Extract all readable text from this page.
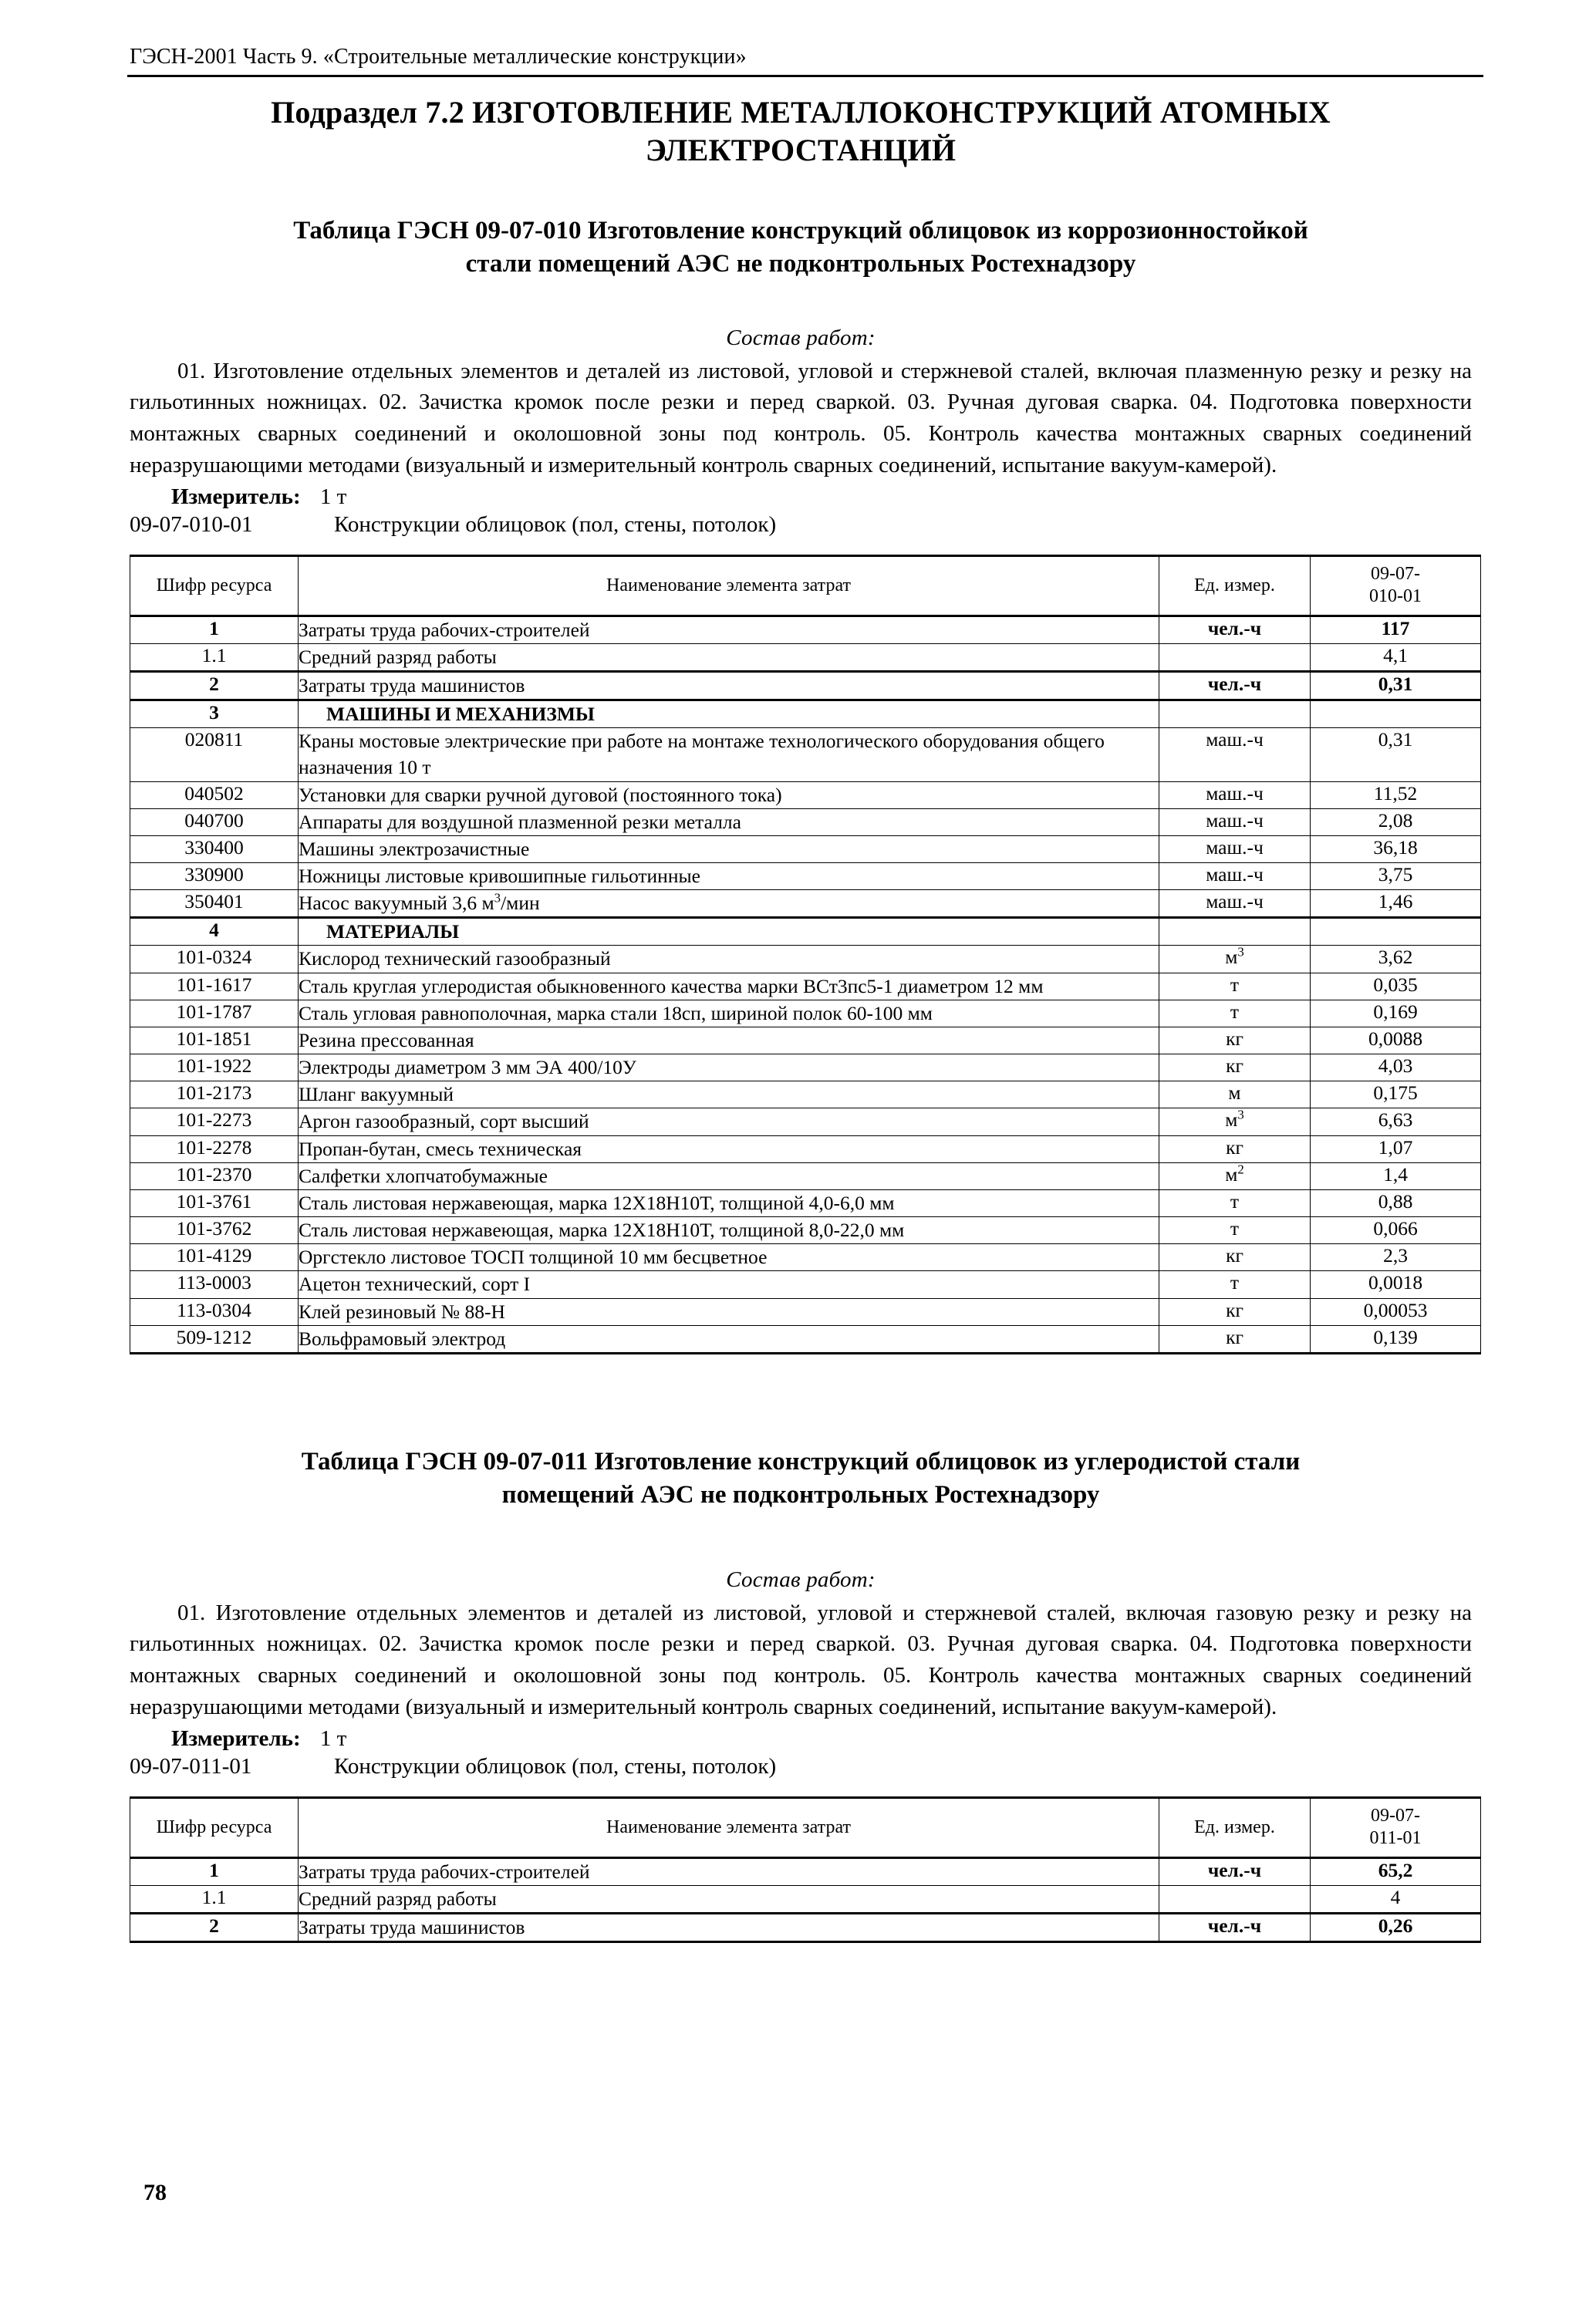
ГЭСН-2001 Часть 9. «Строительные металлические конструкции»
Подраздел 7.2 ИЗГОТОВЛЕНИЕ МЕТАЛЛОКОНСТРУКЦИЙ АТОМНЫХ
ЭЛЕКТРОСТАНЦИЙ
Таблица ГЭСН 09-07-010 Изготовление конструкций облицовок из коррозионностойкой
стали помещений АЭС не подконтрольных Ростехнадзору

Состав работ:

01. Изготовление отдельных элементов и деталей из листовой, угловой и стержневой сталей, включая плазменную резку и резку на гильотинных ножницах. 02. Зачистка кромок после резки и перед сваркой. 03. Ручная дуговая сварка. 04. Подготовка поверхности монтажных сварных соединений и околошовной зоны под контроль. 05. Контроль качества монтажных сварных соединений неразрушающими методами (визуальный и измерительный контроль сварных соединений, испытание вакуум-камерой).

Измеритель: 1 т

09-07-010-01	Конструкции облицовок (пол, стены, потолок)

Шифр ресурса	Наименование элемента затрат	Ед. измер.	09-07-
010-01
1	Затраты труда рабочих-строителей	чел.-ч	117
1.1	Средний разряд работы		4,1
2	Затраты труда машинистов	чел.-ч	0,31
3	МАШИНЫ И МЕХАНИЗМЫ		
020811	Краны мостовые электрические при работе на монтаже технологического оборудования общего назначения 10 т	маш.-ч	0,31
040502	Установки для сварки ручной дуговой (постоянного тока)	маш.-ч	11,52
040700	Аппараты для воздушной плазменной резки металла	маш.-ч	2,08
330400	Машины электрозачистные	маш.-ч	36,18
330900	Ножницы листовые кривошипные гильотинные	маш.-ч	3,75
350401	Насос вакуумный 3,6 $м^3$/мин	маш.-ч	1,46
4	МАТЕРИАЛЫ		
101-0324	Кислород технический газообразный	$м^3$	3,62
101-1617	Сталь круглая углеродистая обыкновенного качества марки ВСт3пс5-1 диаметром 12 мм	т	0,035
101-1787	Сталь угловая равнополочная, марка стали 18сп, шириной полок 60-100 мм	т	0,169
101-1851	Резина прессованная	кг	0,0088
101-1922	Электроды диаметром 3 мм ЭА 400/10У	кг	4,03
101-2173	Шланг вакуумный	м	0,175
101-2273	Аргон газообразный, сорт высший	$м^3$	6,63
101-2278	Пропан-бутан, смесь техническая	кг	1,07
101-2370	Салфетки хлопчатобумажные	$м^2$	1,4
101-3761	Сталь листовая нержавеющая, марка 12Х18Н10Т, толщиной 4,0-6,0 мм	т	0,88
101-3762	Сталь листовая нержавеющая, марка 12Х18Н10Т, толщиной 8,0-22,0 мм	т	0,066
101-4129	Оргстекло листовое ТОСП толщиной 10 мм бесцветное	кг	2,3
113-0003	Ацетон технический, сорт I	т	0,0018
113-0304	Клей резиновый № 88-Н	кг	0,00053
509-1212	Вольфрамовый электрод	кг	0,139
Таблица ГЭСН 09-07-011 Изготовление конструкций облицовок из углеродистой стали
помещений АЭС не подконтрольных Ростехнадзору

Состав работ:

01. Изготовление отдельных элементов и деталей из листовой, угловой и стержневой сталей, включая газовую резку и резку на гильотинных ножницах. 02. Зачистка кромок после резки и перед сваркой. 03. Ручная дуговая сварка. 04. Подготовка поверхности монтажных сварных соединений и околошовной зоны под контроль. 05. Контроль качества монтажных сварных соединений неразрушающими методами (визуальный и измерительный контроль сварных соединений, испытание вакуум-камерой).

Измеритель: 1 т

09-07-011-01	Конструкции облицовок (пол, стены, потолок)

Шифр ресурса	Наименование элемента затрат	Ед. измер.	09-07-
011-01
1	Затраты труда рабочих-строителей	чел.-ч	65,2
1.1	Средний разряд работы		4
2	Затраты труда машинистов	чел.-ч	0,26
78
